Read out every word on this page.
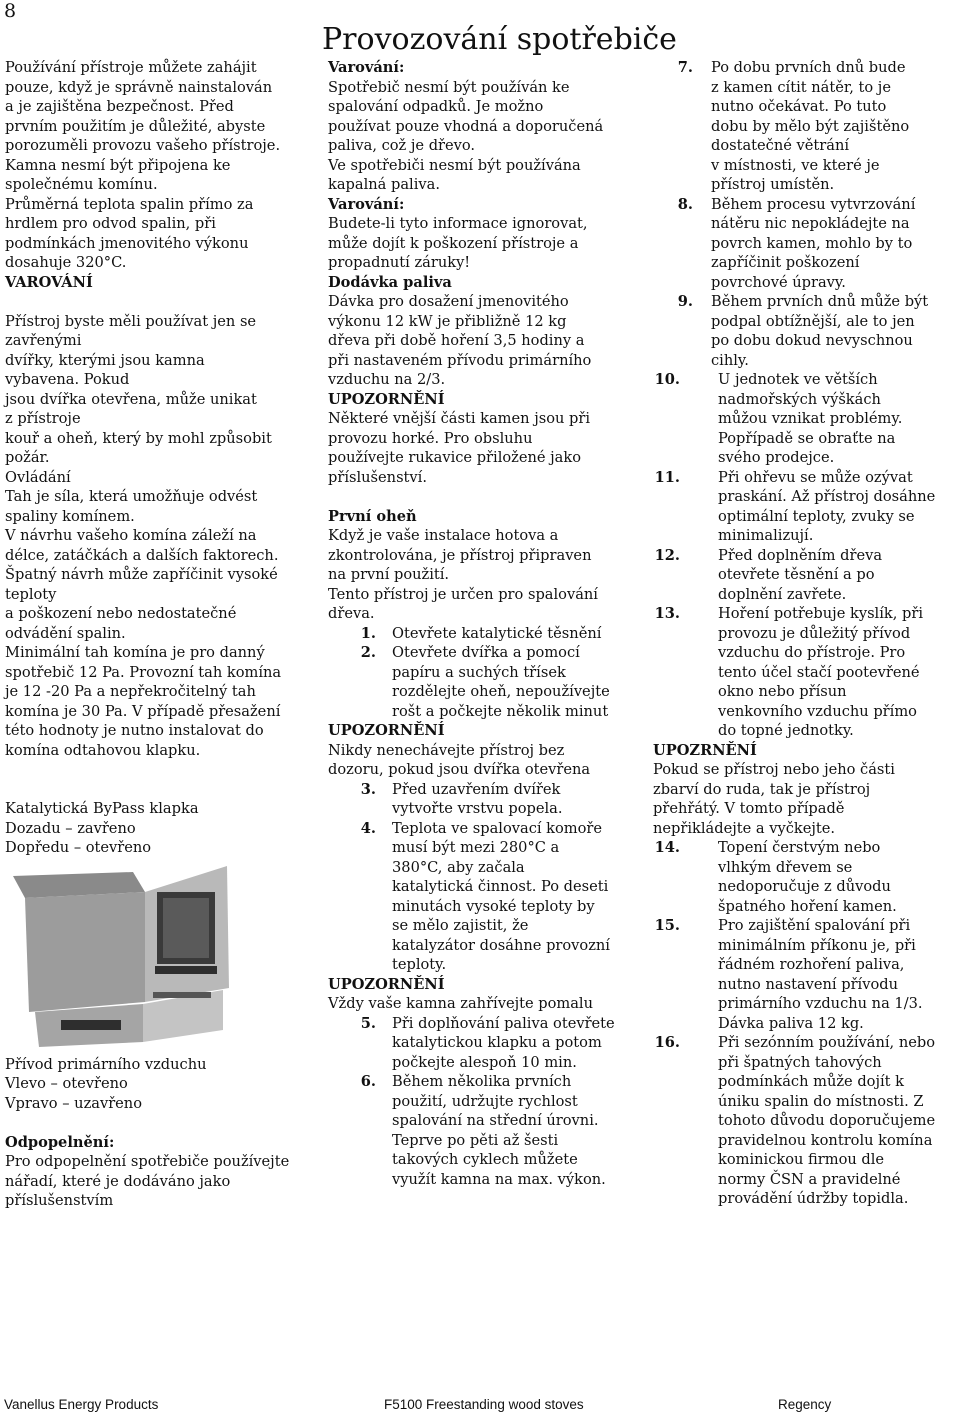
8
Provozování spotřebiče

Používání přístroje můžete zahájit

pouze, když je správně nainstalován

a je zajištěna bezpečnost. Před

prvním použitím je důležité, abyste

porozuměli provozu vašeho přístroje.

Kamna nesmí být připojena ke

společnému komínu.

Průměrná teplota spalin přímo za

hrdlem pro odvod spalin, při

podmínkách jmenovitého výkonu

dosahuje 320°C.

VAROVÁNÍ

Přístroj byste měli používat jen se

zavřenými

dvířky, kterými jsou kamna

vybavena. Pokud

jsou dvířka otevřena, může unikat

z přístroje

kouř a oheň, který by mohl způsobit

požár.

Ovládání

Tah je síla, která umožňuje odvést

spaliny komínem.

V návrhu vašeho komína záleží na

délce, zatáčkách a dalších faktorech.

Špatný návrh může zapříčinit vysoké

teploty

a poškození nebo nedostatečné

odvádění spalin.

Minimální tah komína je pro danný

spotřebič 12 Pa. Provozní tah komína

je 12 -20 Pa a nepřekročitelný tah

komína je 30 Pa. V případě přesažení

této hodnoty je nutno instalovat do

komína odtahovou klapku.

Katalytická ByPass klapka

Dozadu – zavřeno

Dopředu – otevřeno

Přívod primárního vzduchu

Vlevo – otevřeno

Vpravo – uzavřeno

Odpopelnění:

Pro odpopelnění spotřebiče používejte

nářadí, které je dodáváno jako

příslušenstvím

Varování:

Spotřebič nesmí být používán ke

spalování odpadků. Je možno

používat pouze vhodná a doporučená

paliva, což je dřevo.

Ve spotřebiči nesmí být používána

kapalná paliva.

Varování:

Budete-li tyto informace ignorovat,

může dojít k poškození přístroje a

propadnutí záruky!

Dodávka paliva

Dávka pro dosažení jmenovitého

výkonu 12 kW je přibližně 12 kg

dřeva při době hoření 3,5 hodiny a

při nastaveném přívodu primárního

vzduchu na 2/3.

UPOZORNĚNÍ

Některé vnější části kamen jsou při

provozu horké. Pro obsluhu

používejte rukavice přiložené jako

příslušenství.

První oheň

Když je vaše instalace hotova a

zkontrolována, je přístroj připraven

na první použití.

Tento přístroj je určen pro spalování

dřeva.

1.	Otevřete katalytické těsnění
2.	Otevřete dvířka a pomocí
papíru a suchých třísek
rozdělejte oheň, nepoužívejte
rošt a počkejte několik minut

UPOZORNĚNÍ

Nikdy nenechávejte přístroj bez

dozoru, pokud jsou dvířka otevřena

3.	Před uzavřením dvířek
vytvořte vrstvu popela.
4.	Teplota ve spalovací komoře
musí být mezi 280°C a
380°C, aby začala
katalytická činnost. Po deseti
minutách vysoké teploty by
se mělo zajistit, že
katalyzátor dosáhne provozní
teploty.

UPOZORNĚNÍ

Vždy vaše kamna zahřívejte pomalu

5.	Při doplňování paliva otevřete
katalytickou klapku a potom
počkejte alespoň 10 min.
6.	Během několika prvních
použití, udržujte rychlost
spalování na střední úrovni.
Teprve po pěti až šesti
takových cyklech můžete
využít kamna na max. výkon.
7.	Po dobu prvních dnů bude
z kamen cítit nátěr, to je
nutno očekávat. Po tuto
dobu by mělo být zajištěno
dostatečné větrání
v místnosti, ve které je
přístroj umístěn.
8.	Během procesu vytvrzování
nátěru nic nepokládejte na
povrch kamen, mohlo by to
zapříčinit poškození
povrchové úpravy.
9.	Během prvních dnů může být
podpal obtížnější, ale to jen
po dobu dokud nevyschnou
cihly.
10.	U jednotek ve větších
nadmořských výškách
můžou vznikat problémy.
Popřípadě se obraťte na
svého prodejce.
11.	Při ohřevu se může ozývat
praskání. Až přístroj dosáhne
optimální teploty, zvuky se
minimalizují.
12.	Před doplněním dřeva
otevřete těsnění a po
doplnění zavřete.
13.	Hoření potřebuje kyslík, při
provozu je důležitý přívod
vzduchu do přístroje. Pro
tento účel stačí pootevřené
okno nebo přísun
venkovního vzduchu přímo
do topné jednotky.

UPOZRNĚNÍ

Pokud se přístroj nebo jeho části

zbarví do ruda, tak je přístroj

přehřátý. V tomto případě

nepřikládejte a vyčkejte.

14.	Topení čerstvým nebo
vlhkým dřevem se
nedoporučuje z důvodu
špatného hoření kamen.
15.	Pro zajištění spalování při
minimálním příkonu je, při
řádném rozhoření paliva,
nutno nastavení přívodu
primárního vzduchu na 1/3.
Dávka paliva 12 kg.
16.	Při sezónním používání, nebo
při špatných tahových
podmínkách může dojít k
úniku spalin do místnosti. Z
tohoto důvodu doporučujeme
pravidelnou kontrolu komína
kominickou firmou dle
normy ČSN a pravidelné
provádění údržby topidla.
Vanellus Energy Products	F5100 Freestanding wood stoves	Regency
